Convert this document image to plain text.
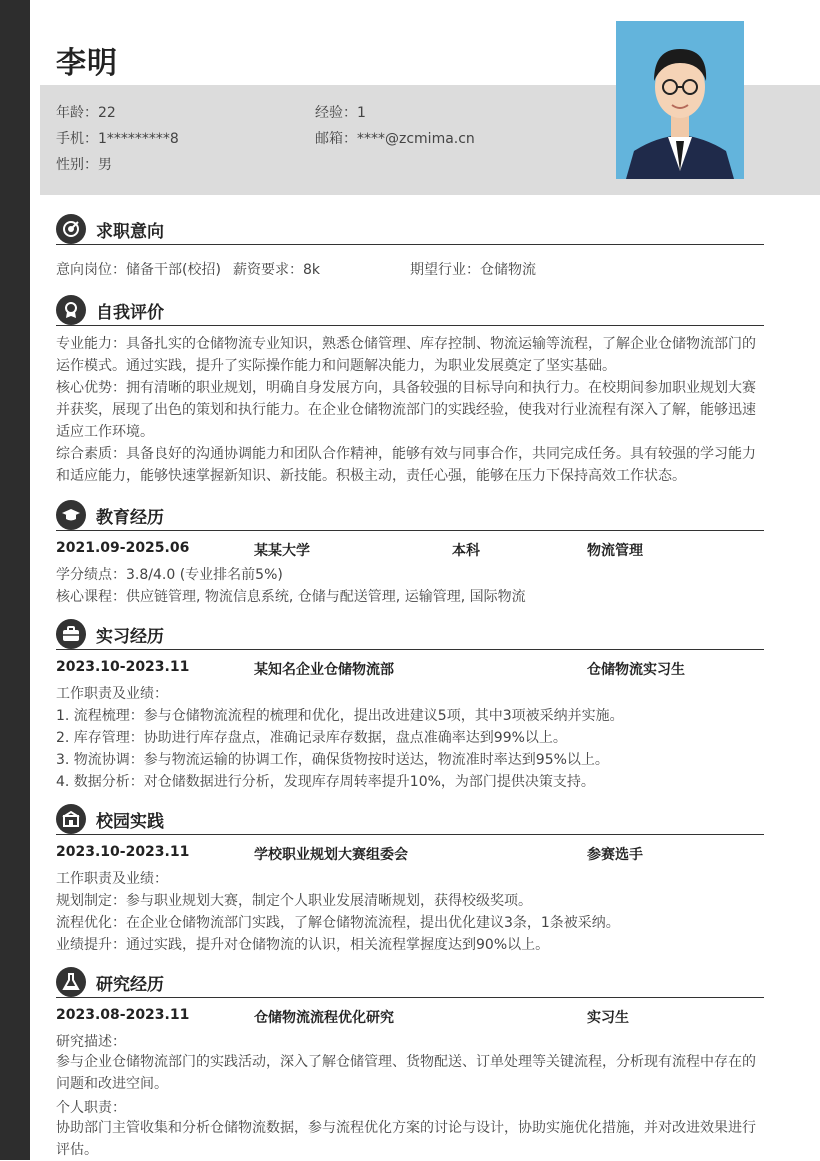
李明
年龄：22	经验：1
手机：1*********8	邮箱：****@zcmima.cn
性别：男
求职意向
意向岗位：储备干部(校招) 薪资要求：8k	期望行业：仓储物流
自我评价

专业能力：具备扎实的仓储物流专业知识，熟悉仓储管理、库存控制、物流运输等流程，了解企业仓储物流部门的运作模式。通过实践，提升了实际操作能力和问题解决能力，为职业发展奠定了坚实基础。

核心优势：拥有清晰的职业规划，明确自身发展方向，具备较强的目标导向和执行力。在校期间参加职业规划大赛并获奖，展现了出色的策划和执行能力。在企业仓储物流部门的实践经验，使我对行业流程有深入了解，能够迅速适应工作环境。

综合素质：具备良好的沟通协调能力和团队合作精神，能够有效与同事合作，共同完成任务。具有较强的学习能力和适应能力，能够快速掌握新知识、新技能。积极主动，责任心强，能够在压力下保持高效工作状态。

教育经历
2021.09-2025.06	某某大学	本科	物流管理
学分绩点：3.8/4.0 (专业排名前5%)
核心课程：供应链管理, 物流信息系统, 仓储与配送管理, 运输管理, 国际物流
实习经历
2023.10-2023.11	某知名企业仓储物流部	仓储物流实习生
工作职责及业绩：
1. 流程梳理：参与仓储物流流程的梳理和优化，提出改进建议5项，其中3项被采纳并实施。
2. 库存管理：协助进行库存盘点，准确记录库存数据，盘点准确率达到99%以上。
3. 物流协调：参与物流运输的协调工作，确保货物按时送达，物流准时率达到95%以上。
4. 数据分析：对仓储数据进行分析，发现库存周转率提升10%，为部门提供决策支持。
校园实践
2023.10-2023.11	学校职业规划大赛组委会	参赛选手
工作职责及业绩：
规划制定：参与职业规划大赛，制定个人职业发展清晰规划，获得校级奖项。
流程优化：在企业仓储物流部门实践，了解仓储物流流程，提出优化建议3条，1条被采纳。
业绩提升：通过实践，提升对仓储物流的认识，相关流程掌握度达到90%以上。
研究经历
2023.08-2023.11	仓储物流流程优化研究	实习生
研究描述：

参与企业仓储物流部门的实践活动，深入了解仓储管理、货物配送、订单处理等关键流程，分析现有流程中存在的问题和改进空间。

个人职责：

协助部门主管收集和分析仓储物流数据，参与流程优化方案的讨论与设计，协助实施优化措施，并对改进效果进行评估。
